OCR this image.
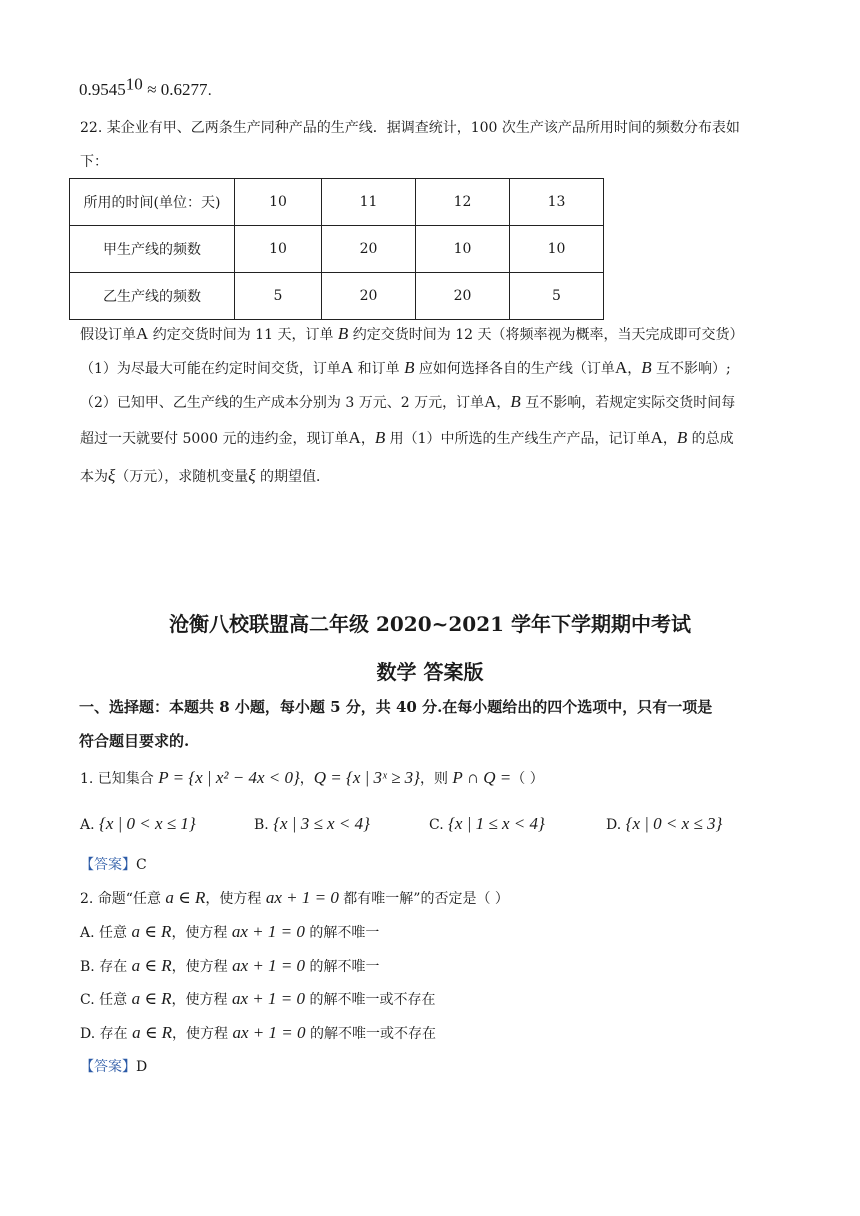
$0.9545^{10} \approx 0.6277$.
22. 某企业有甲、乙两条生产同种产品的生产线．据调查统计，100 次生产该产品所用时间的频数分布表如
下：
所用的时间(单位：天)	10	11	12	13
甲生产线的频数	10	20	10	10
乙生产线的频数	5	20	20	5
假设订单A 约定交货时间为 11 天，订单 B 约定交货时间为 12 天（将频率视为概率，当天完成即可交货）
（1）为尽最大可能在约定时间交货，订单A 和订单 B 应如何选择各自的生产线（订单A，B 互不影响）;
（2）已知甲、乙生产线的生产成本分别为 3 万元、2 万元，订单A，B 互不影响，若规定实际交货时间每
超过一天就要付 5000 元的违约金，现订单A，B 用（1）中所选的生产线生产产品，记订单A，B 的总成
本为ξ（万元），求随机变量ξ 的期望值．
沧衡八校联盟高二年级 2020~2021 学年下学期期中考试
数学 答案版
一、选择题：本题共 8 小题，每小题 5 分，共 40 分.在每小题给出的四个选项中，只有一项是
符合题目要求的.
1. 已知集合 P = {x | x² − 4x < 0}，Q = {x | 3ˣ ≥ 3}，则 P ∩ Q =（ ）
A. {x | 0 < x ≤ 1}	B. {x | 3 ≤ x < 4}	C. {x | 1 ≤ x < 4}	D. {x | 0 < x ≤ 3}
【答案】C
2. 命题“任意 a ∈ R，使方程 ax + 1 = 0 都有唯一解”的否定是（ ）
A. 任意 a ∈ R，使方程 ax + 1 = 0 的解不唯一
B. 存在 a ∈ R，使方程 ax + 1 = 0 的解不唯一
C. 任意 a ∈ R，使方程 ax + 1 = 0 的解不唯一或不存在
D. 存在 a ∈ R，使方程 ax + 1 = 0 的解不唯一或不存在
【答案】D
